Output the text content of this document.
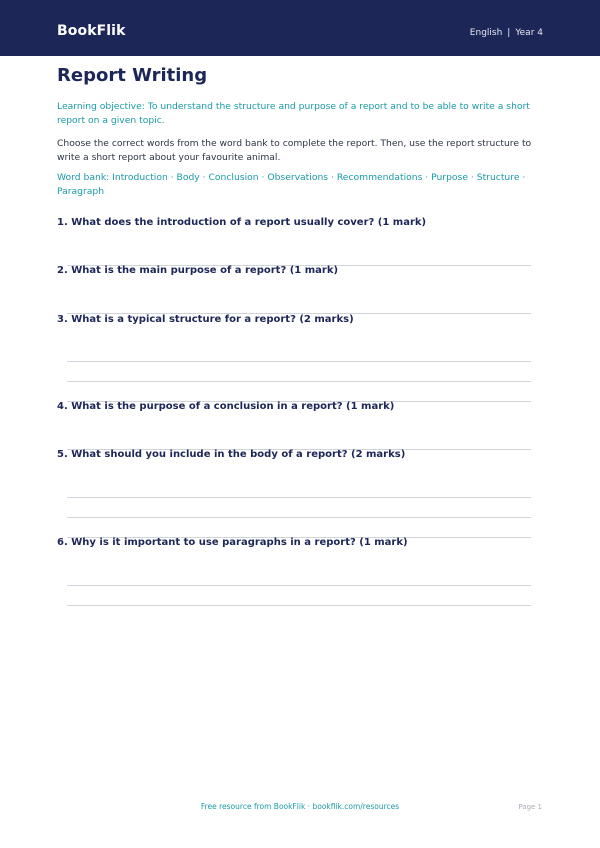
BookFlik	English | Year 4
Report Writing

Learning objective: To understand the structure and purpose of a report and to be able to write a short report on a given topic.

Choose the correct words from the word bank to complete the report. Then, use the report structure to write a short report about your favourite animal.

Word bank: Introduction · Body · Conclusion · Observations · Recommendations · Purpose · Structure · Paragraph

1. What does the introduction of a report usually cover? (1 mark)
2. What is the main purpose of a report? (1 mark)
3. What is a typical structure for a report? (2 marks)
4. What is the purpose of a conclusion in a report? (1 mark)
5. What should you include in the body of a report? (2 marks)
6. Why is it important to use paragraphs in a report? (1 mark)
Free resource from BookFlik · bookflik.com/resources	Page 1
